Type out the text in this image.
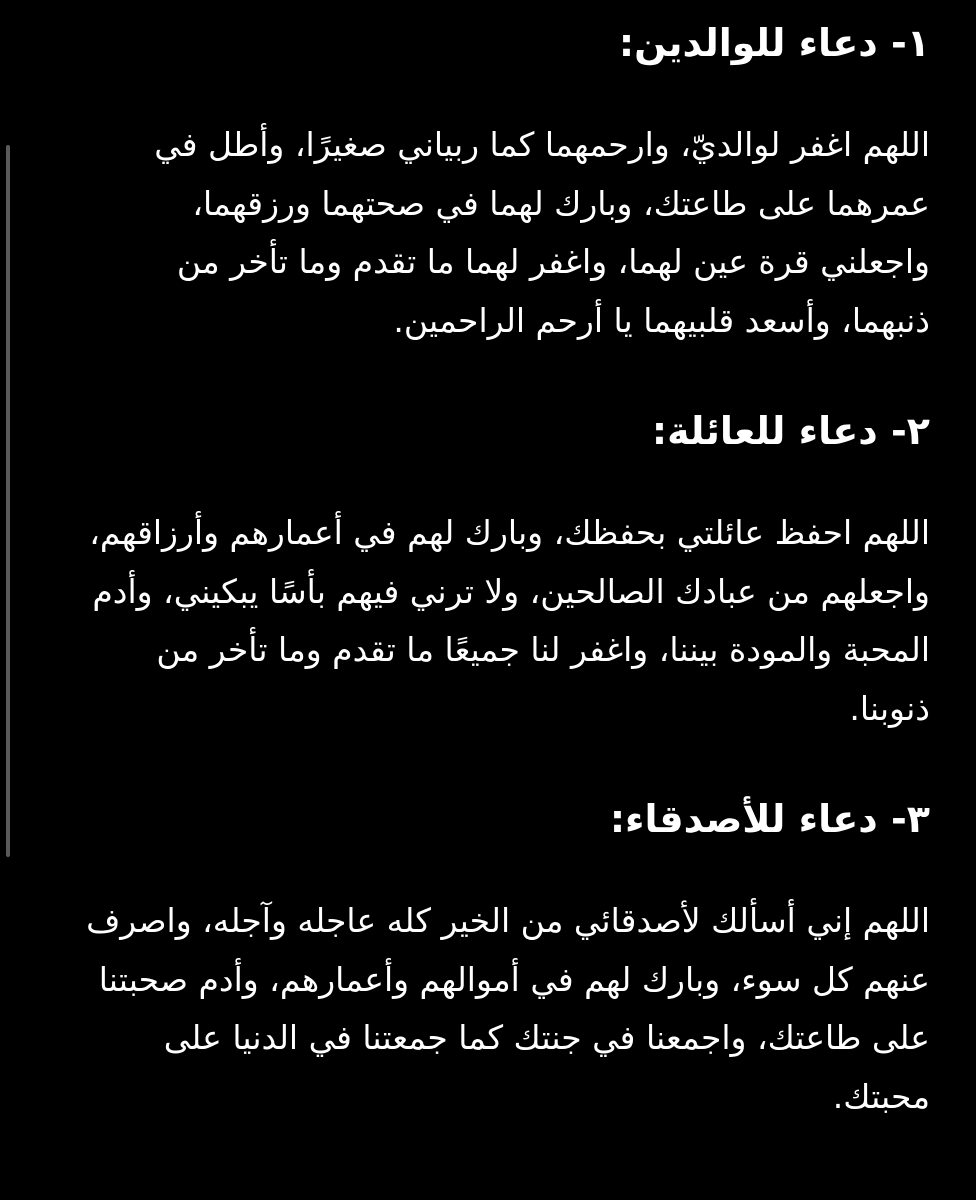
١- دعاء للوالدين:

اللهم اغفر لوالديّ، وارحمهما كما ربياني صغيرًا، وأطل في عمرهما على طاعتك، وبارك لهما في صحتهما ورزقهما، واجعلني قرة عين لهما، واغفر لهما ما تقدم وما تأخر من ذنبهما، وأسعد قلبيهما يا أرحم الراحمين.

٢- دعاء للعائلة:

اللهم احفظ عائلتي بحفظك، وبارك لهم في أعمارهم وأرزاقهم، واجعلهم من عبادك الصالحين، ولا ترني فيهم بأسًا يبكيني، وأدم المحبة والمودة بيننا، واغفر لنا جميعًا ما تقدم وما تأخر من ذنوبنا.

٣- دعاء للأصدقاء:

اللهم إني أسألك لأصدقائي من الخير كله عاجله وآجله، واصرف عنهم كل سوء، وبارك لهم في أموالهم وأعمارهم، وأدم صحبتنا على طاعتك، واجمعنا في جنتك كما جمعتنا في الدنيا على محبتك.
